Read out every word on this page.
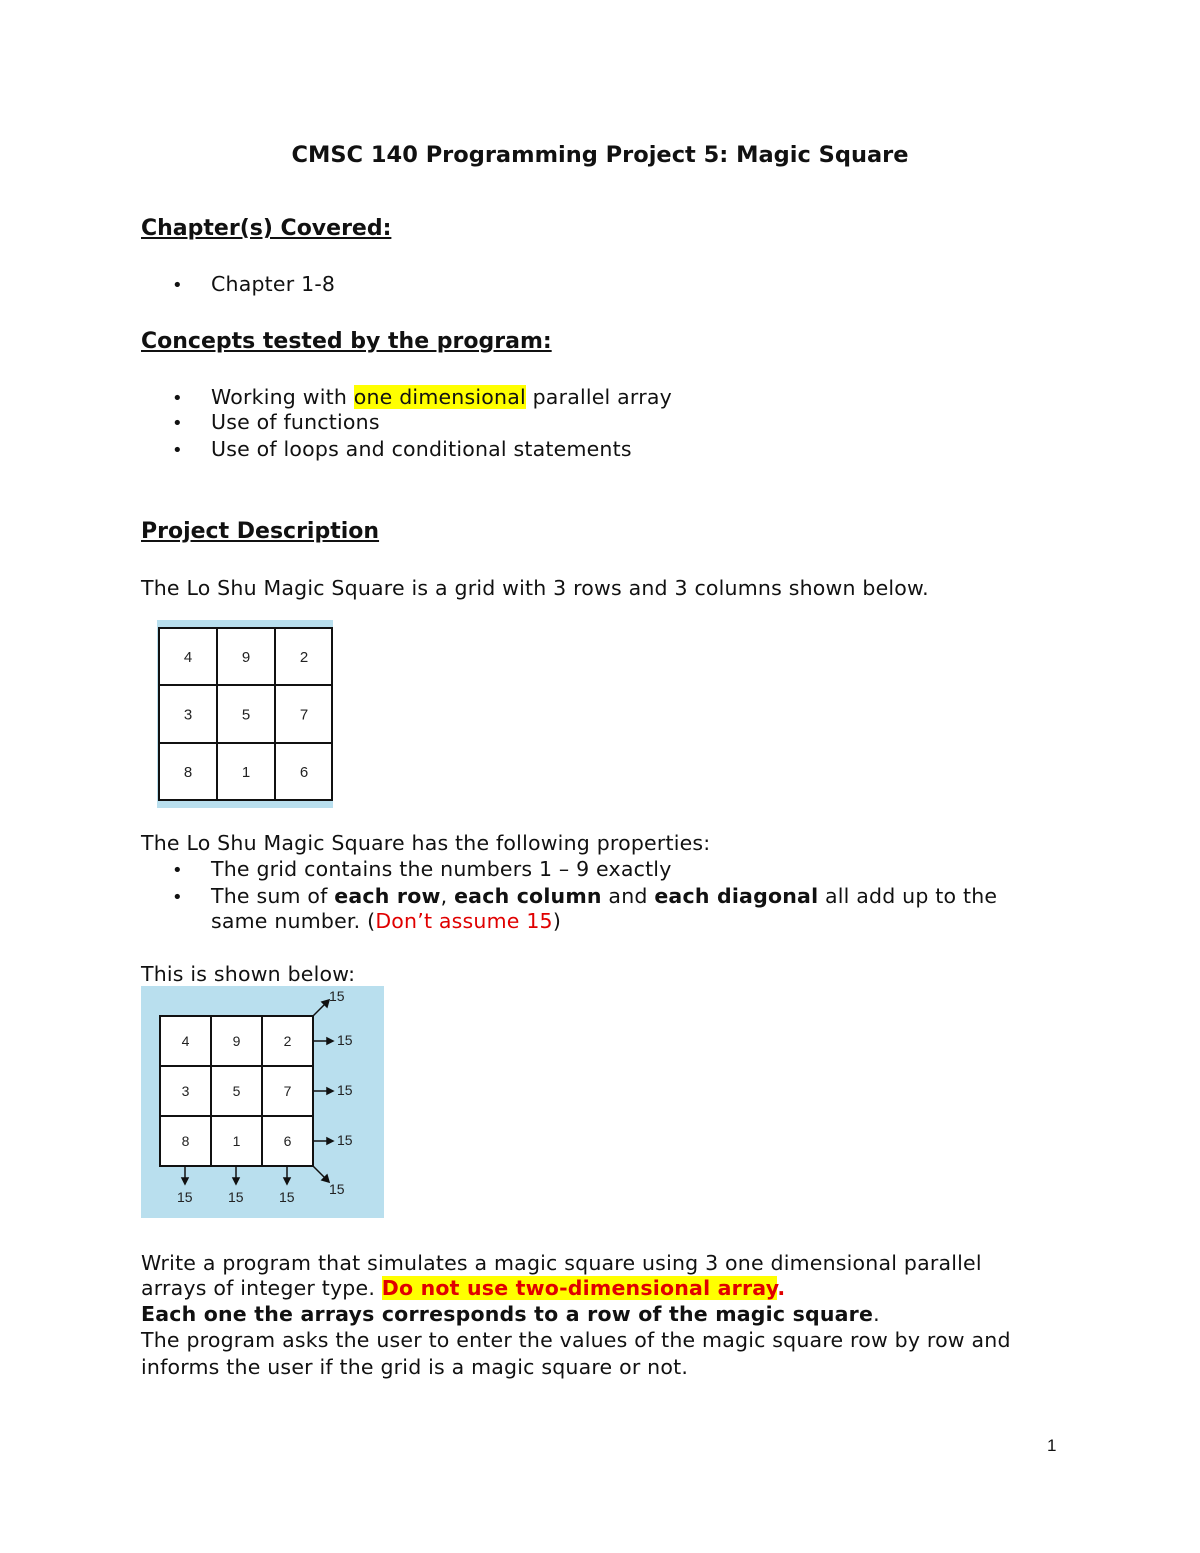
CMSC 140 Programming Project 5: Magic Square
Chapter(s) Covered:
• Chapter 1-8
Concepts tested by the program:
• Working with one dimensional parallel array
• Use of functions
• Use of loops and conditional statements
Project Description
The Lo Shu Magic Square is a grid with 3 rows and 3 columns shown below.
4	9	2
3	5	7
8	1	6
The Lo Shu Magic Square has the following properties:
• The grid contains the numbers 1 – 9 exactly
• The sum of each row, each column and each diagonal all add up to the
same number. (Don’t assume 15)
This is shown below:
4	9	2
3	5	7
8	1	6
15
15
15
15	15	15
15
15
Write a program that simulates a magic square using 3 one dimensional parallel
arrays of integer type. Do not use two-dimensional array.
Each one the arrays corresponds to a row of the magic square.
The program asks the user to enter the values of the magic square row by row and
informs the user if the grid is a magic square or not.
1
